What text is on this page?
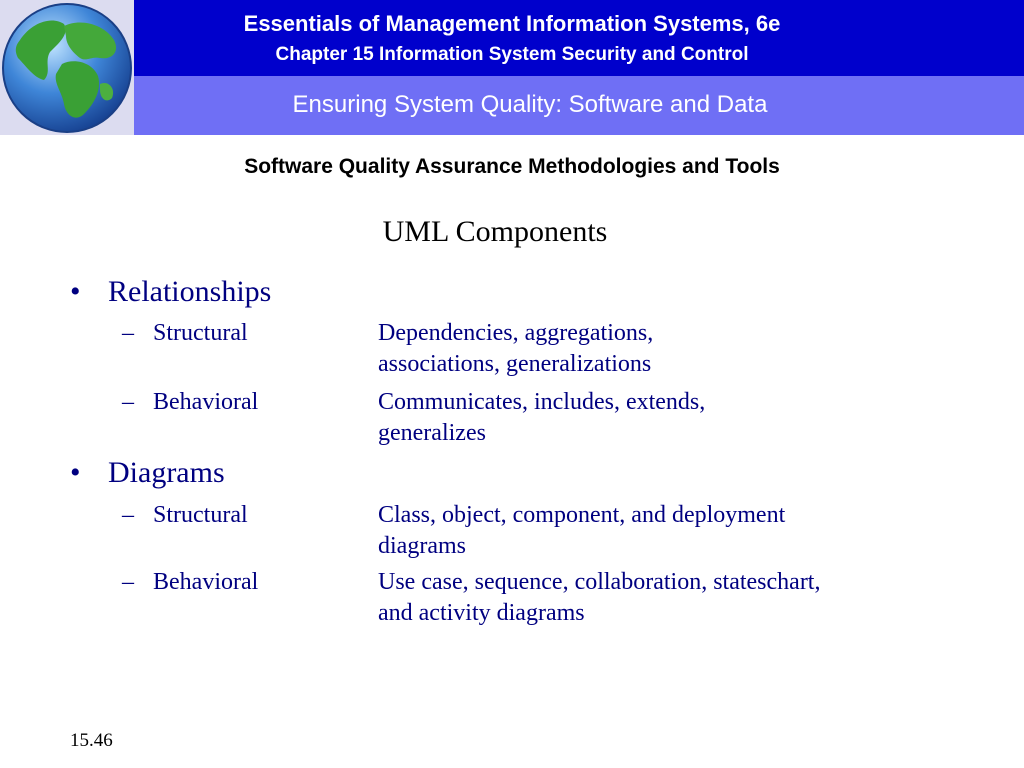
Essentials of Management Information Systems, 6e
Chapter 15 Information System Security and Control
Ensuring System Quality: Software and Data
Software Quality Assurance Methodologies and Tools
UML Components
• Relationships
– Structural	Dependencies, aggregations,
associations, generalizations
– Behavioral	Communicates, includes, extends,
generalizes
• Diagrams
– Structural	Class, object, component, and deployment
diagrams
– Behavioral	Use case, sequence, collaboration, stateschart,
and activity diagrams
15.46
